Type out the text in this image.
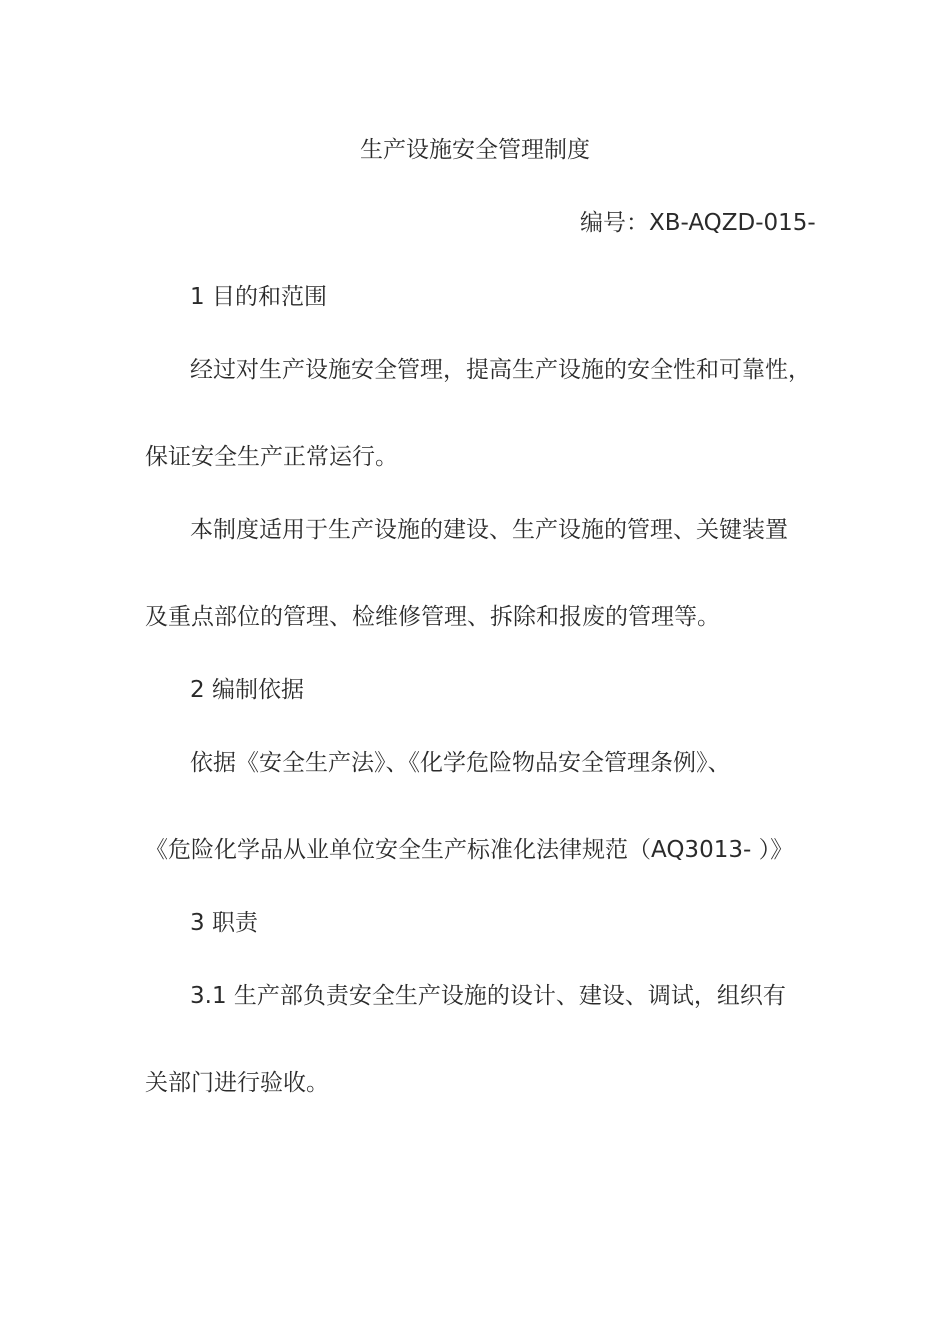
生产设施安全管理制度
编号：XB-AQZD-015-
1 目的和范围
经过对生产设施安全管理，提高生产设施的安全性和可靠性，
保证安全生产正常运行。
本制度适用于生产设施的建设、生产设施的管理、关键装置
及重点部位的管理、检维修管理、拆除和报废的管理等。
2 编制依据
依据《安全生产法》、《化学危险物品安全管理条例》、
《危险化学品从业单位安全生产标准化法律规范（AQ3013- ）》
3 职责
3.1 生产部负责安全生产设施的设计、建设、调试，组织有
关部门进行验收。
